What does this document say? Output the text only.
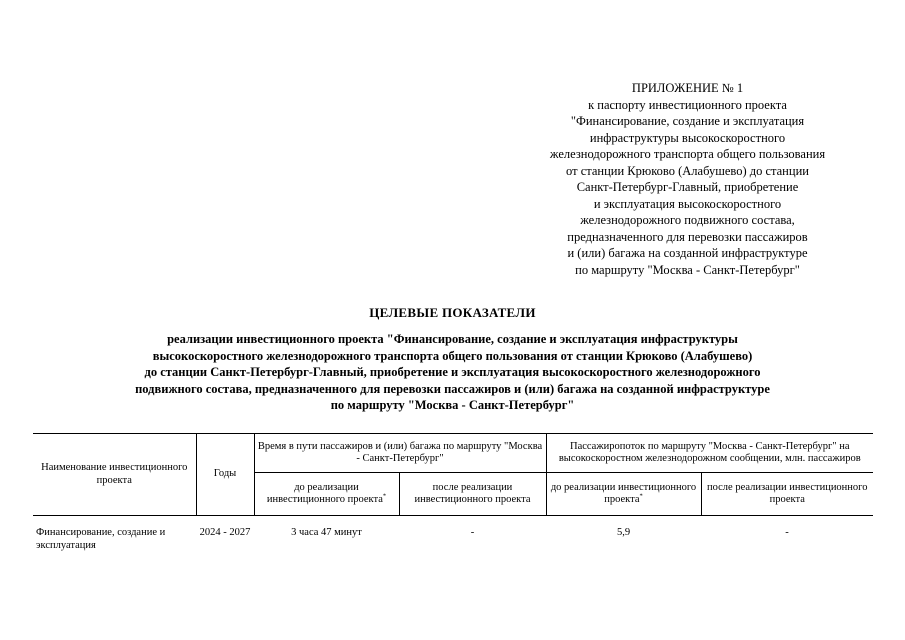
ПРИЛОЖЕНИЕ № 1
к паспорту инвестиционного проекта
"Финансирование, создание и эксплуатация
инфраструктуры высокоскоростного
железнодорожного транспорта общего пользования
от станции Крюково (Алабушево) до станции
Санкт-Петербург-Главный, приобретение
и эксплуатация высокоскоростного
железнодорожного подвижного состава,
предназначенного для перевозки пассажиров
и (или) багажа на созданной инфраструктуре
по маршруту "Москва - Санкт-Петербург"
ЦЕЛЕВЫЕ ПОКАЗАТЕЛИ
реализации инвестиционного проекта "Финансирование, создание и эксплуатация инфраструктуры
высокоскоростного железнодорожного транспорта общего пользования от станции Крюково (Алабушево)
до станции Санкт-Петербург-Главный, приобретение и эксплуатация высокоскоростного железнодорожного
подвижного состава, предназначенного для перевозки пассажиров и (или) багажа на созданной инфраструктуре
по маршруту "Москва - Санкт-Петербург"
Наименование инвестиционного проекта	Годы	Время в пути пассажиров и (или) багажа по маршруту "Москва - Санкт-Петербург"		Пассажиропоток по маршруту "Москва - Санкт-Петербург" на высокоскоростном железнодорожном сообщении, млн. пассажиров	
		до реализации инвестиционного проекта*	после реализации инвестиционного проекта	до реализации инвестиционного проекта*	после реализации инвестиционного проекта
Финансирование, создание и эксплуатация	2024 - 2027	3 часа 47 минут	-	5,9	-
